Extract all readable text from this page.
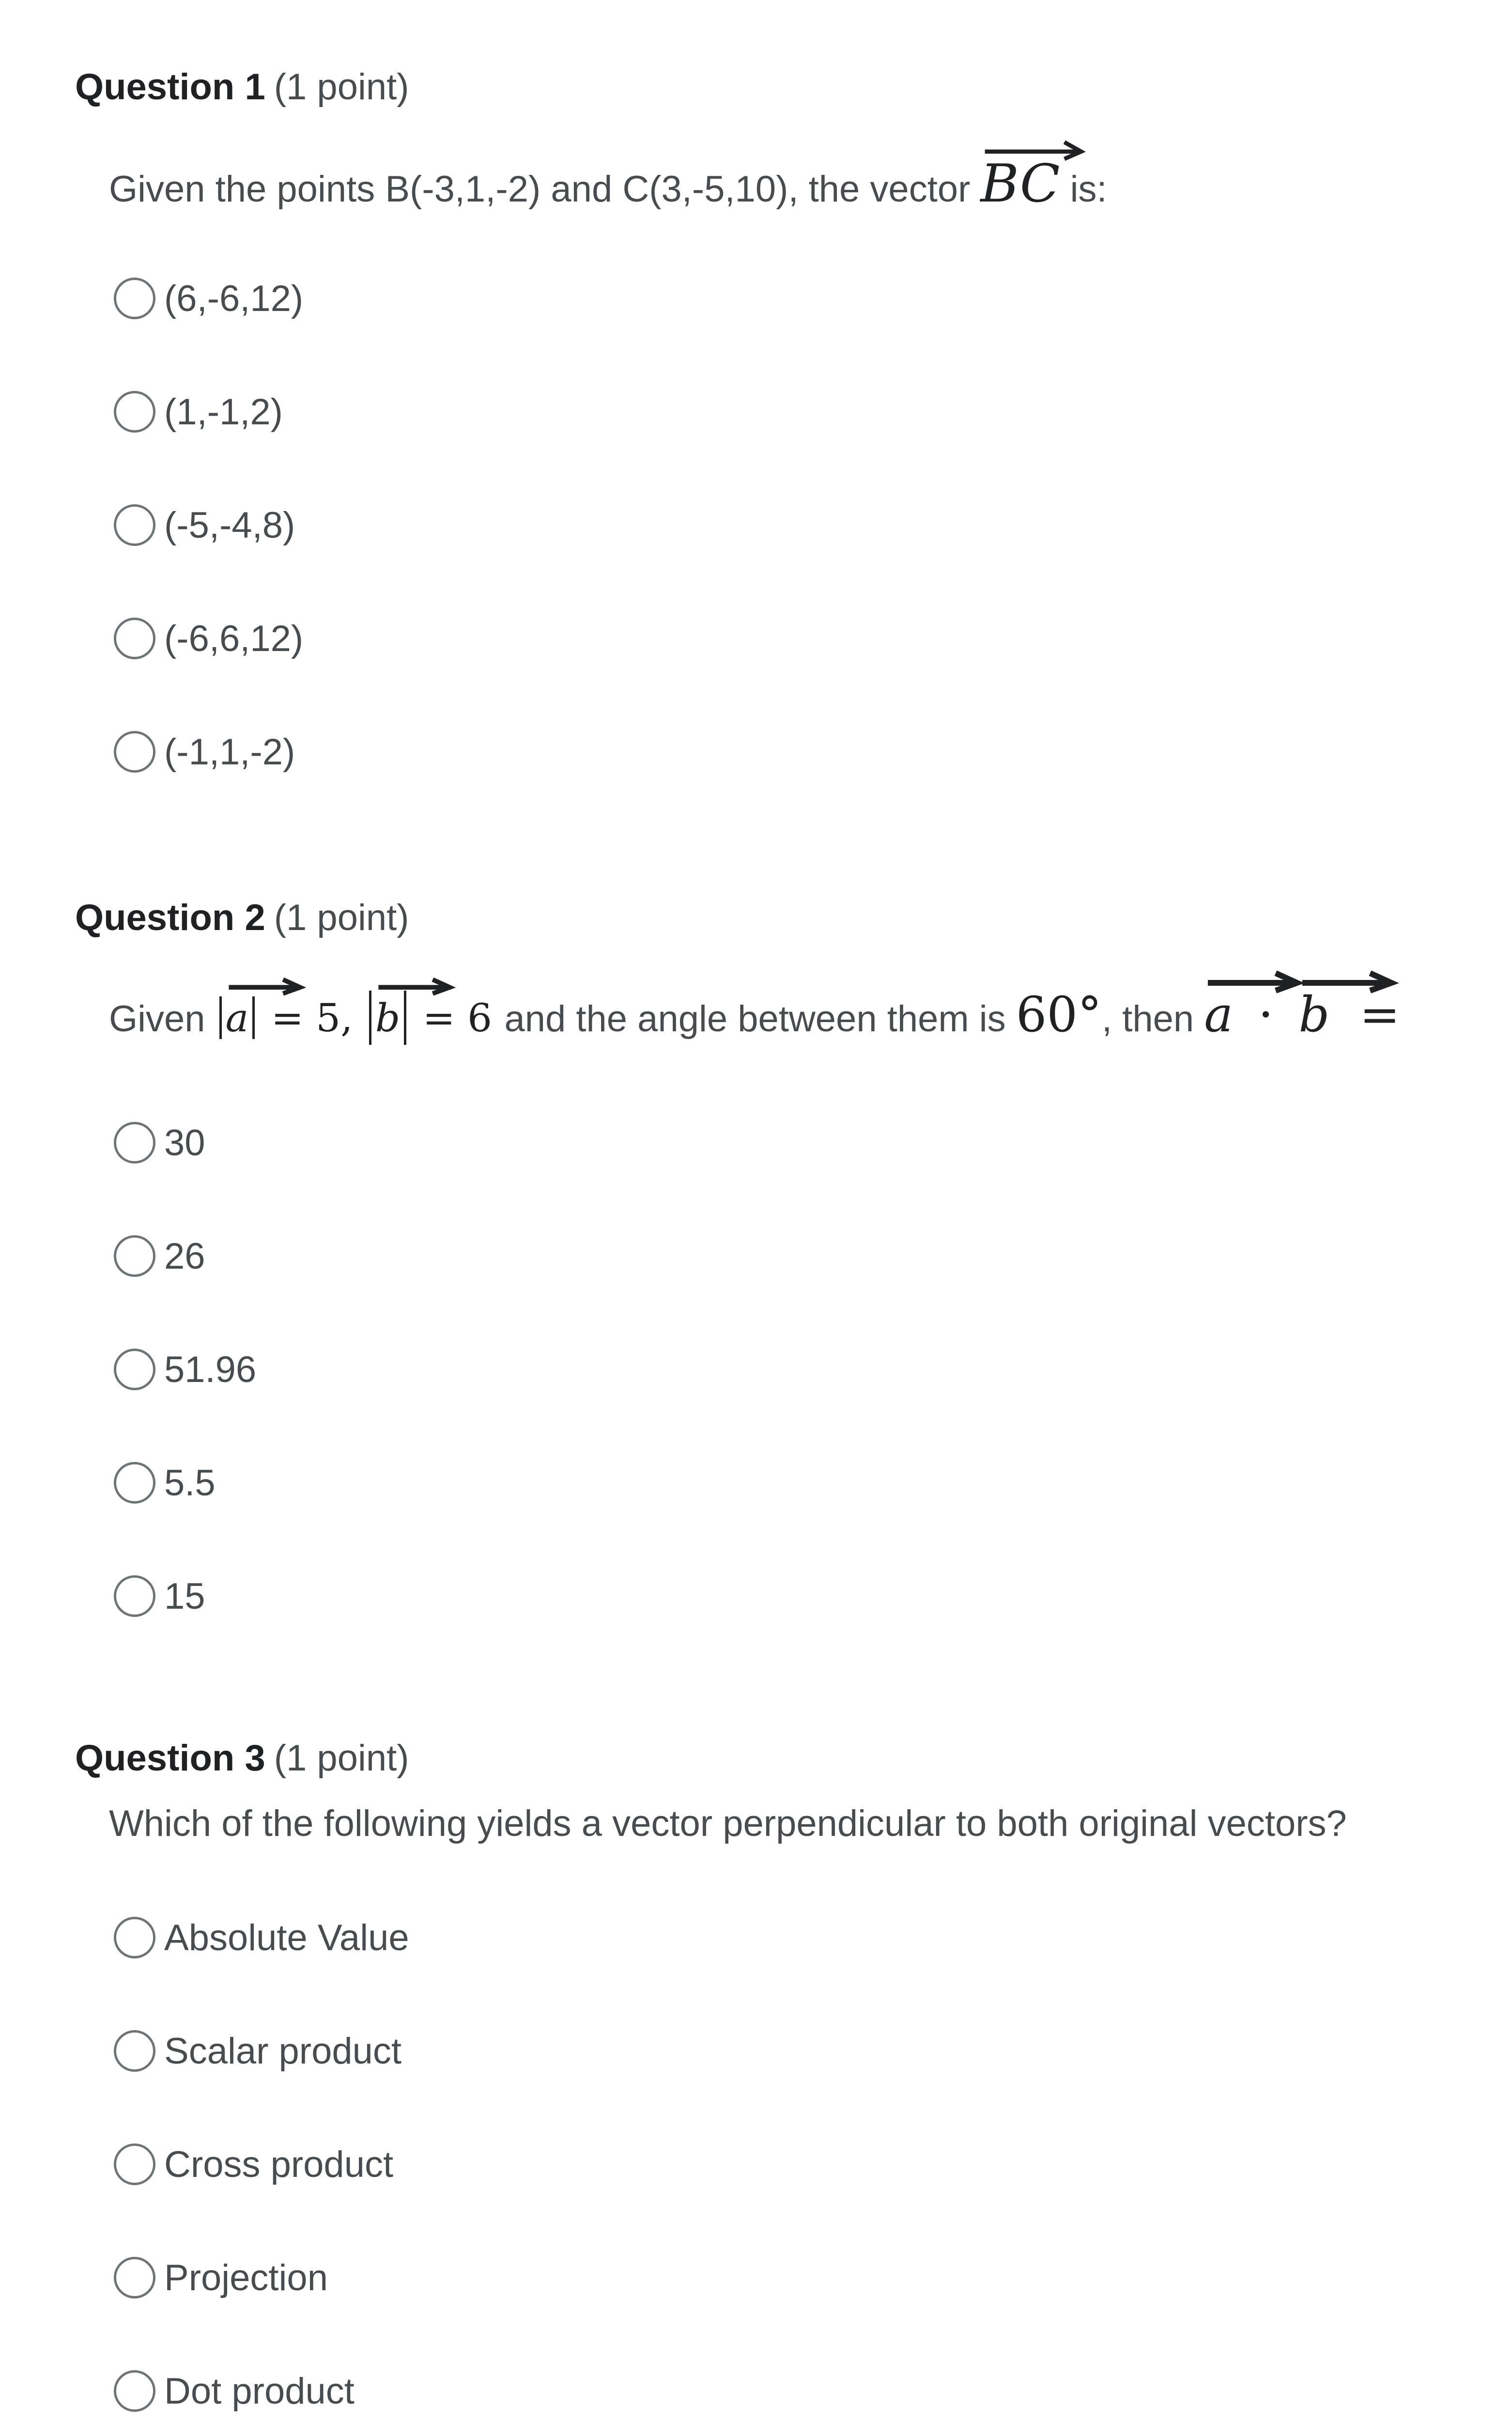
Question 1 (1 point)
Given the points B(-3,1,-2) and C(3,-5,10), the vector BC is:
(6,-6,12)
(1,-1,2)
(-5,-4,8)
(-6,6,12)
(-1,1,-2)
Question 2 (1 point)
Given a = 5, b = 6 and the angle between them is 60°, then a · b =
30
26
51.96
5.5
15
Question 3 (1 point)
Which of the following yields a vector perpendicular to both original vectors?
Absolute Value
Scalar product
Cross product
Projection
Dot product
